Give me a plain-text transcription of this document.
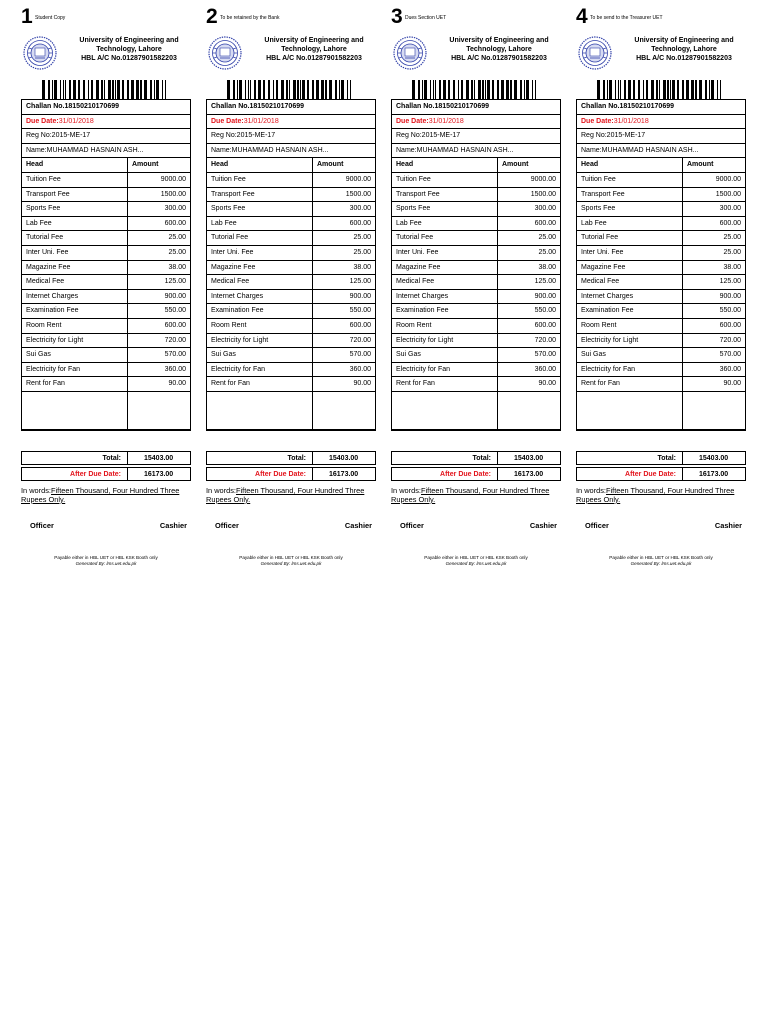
1 Student Copy
University of Engineering and
Technology, Lahore
HBL A/C No.01287901582203
Challan No.18150210170699
Due Date: 31/01/2018
Reg No:2015-ME-17
Name:MUHAMMAD HASNAIN ASH...
Head	Amount
Tuition Fee	9000.00
Transport Fee	1500.00
Sports Fee	300.00
Lab Fee	600.00
Tutorial Fee	25.00
Inter Uni. Fee	25.00
Magazine Fee	38.00
Medical Fee	125.00
Internet Charges	900.00
Examination Fee	550.00
Room Rent	600.00
Electricity for Light	720.00
Sui Gas	570.00
Electricity for Fan	360.00
Rent for Fan	90.00
Total:	15403.00
After Due Date:	16173.00
In words:Fifteen Thousand, Four Hundred Three Rupees Only.
Officer	Cashier
Payable either in HBL UET or HBL KSK Booth only
Generated By: lms.uet.edu.pk
2 To be retained by the Bank
University of Engineering and
Technology, Lahore
HBL A/C No.01287901582203
Challan No.18150210170699
Due Date: 31/01/2018
Reg No:2015-ME-17
Name:MUHAMMAD HASNAIN ASH...
Head	Amount
Tuition Fee	9000.00
Transport Fee	1500.00
Sports Fee	300.00
Lab Fee	600.00
Tutorial Fee	25.00
Inter Uni. Fee	25.00
Magazine Fee	38.00
Medical Fee	125.00
Internet Charges	900.00
Examination Fee	550.00
Room Rent	600.00
Electricity for Light	720.00
Sui Gas	570.00
Electricity for Fan	360.00
Rent for Fan	90.00
Total:	15403.00
After Due Date:	16173.00
In words:Fifteen Thousand, Four Hundred Three Rupees Only.
Officer	Cashier
Payable either in HBL UET or HBL KSK Booth only
Generated By: lms.uet.edu.pk
3 Dues Section UET
University of Engineering and
Technology, Lahore
HBL A/C No.01287901582203
Challan No.18150210170699
Due Date: 31/01/2018
Reg No:2015-ME-17
Name:MUHAMMAD HASNAIN ASH...
Head	Amount
Tuition Fee	9000.00
Transport Fee	1500.00
Sports Fee	300.00
Lab Fee	600.00
Tutorial Fee	25.00
Inter Uni. Fee	25.00
Magazine Fee	38.00
Medical Fee	125.00
Internet Charges	900.00
Examination Fee	550.00
Room Rent	600.00
Electricity for Light	720.00
Sui Gas	570.00
Electricity for Fan	360.00
Rent for Fan	90.00
Total:	15403.00
After Due Date:	16173.00
In words:Fifteen Thousand, Four Hundred Three Rupees Only.
Officer	Cashier
Payable either in HBL UET or HBL KSK Booth only
Generated By: lms.uet.edu.pk
4 To be send to the Treasurer UET
University of Engineering and
Technology, Lahore
HBL A/C No.01287901582203
Challan No.18150210170699
Due Date: 31/01/2018
Reg No:2015-ME-17
Name:MUHAMMAD HASNAIN ASH...
Head	Amount
Tuition Fee	9000.00
Transport Fee	1500.00
Sports Fee	300.00
Lab Fee	600.00
Tutorial Fee	25.00
Inter Uni. Fee	25.00
Magazine Fee	38.00
Medical Fee	125.00
Internet Charges	900.00
Examination Fee	550.00
Room Rent	600.00
Electricity for Light	720.00
Sui Gas	570.00
Electricity for Fan	360.00
Rent for Fan	90.00
Total:	15403.00
After Due Date:	16173.00
In words:Fifteen Thousand, Four Hundred Three Rupees Only.
Officer	Cashier
Payable either in HBL UET or HBL KSK Booth only
Generated By: lms.uet.edu.pk
